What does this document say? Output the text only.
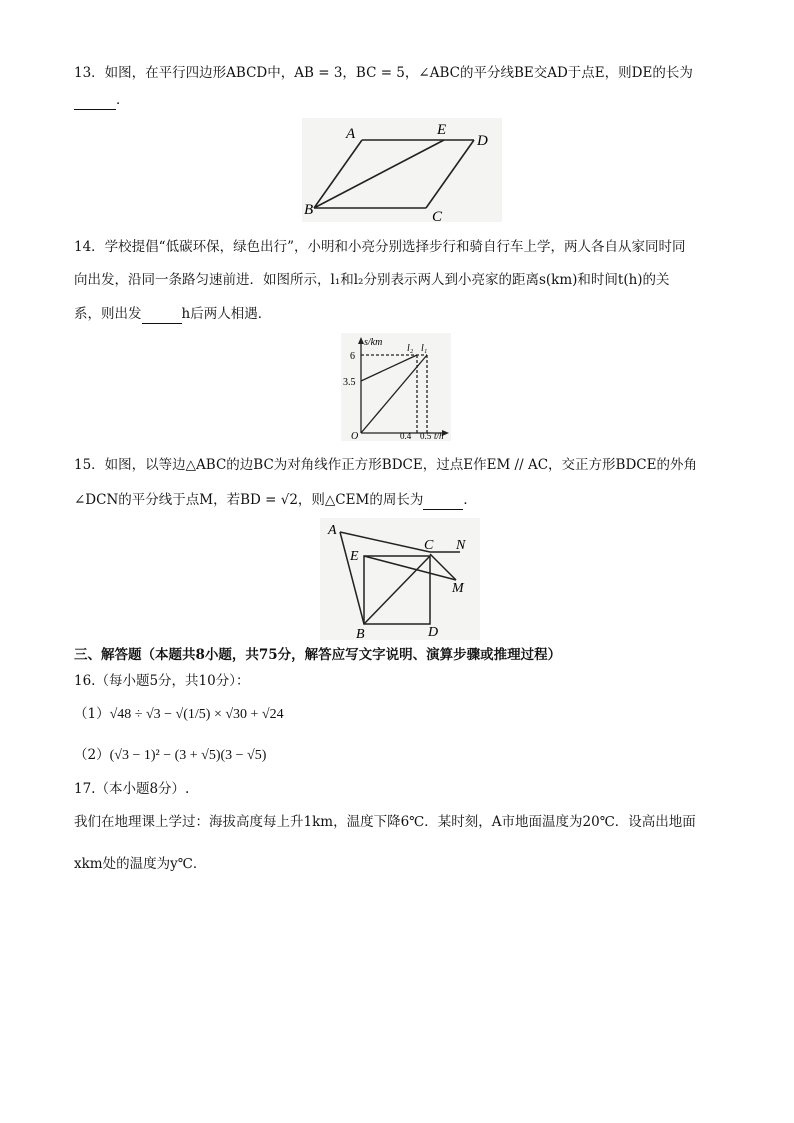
13．如图，在平行四边形ABCD中，AB = 3，BC = 5，∠ABC的平分线BE交AD于点E，则DE的长为
．
A	E
D
B	C
14．学校提倡“低碳环保，绿色出行”，小明和小亮分别选择步行和骑自行车上学，两人各自从家同时同
向出发，沿同一条路匀速前进．如图所示，l₁和l₂分别表示两人到小亮家的距离s(km)和时间t(h)的关
系，则出发	h后两人相遇．
s/km
6
3.5
O	0.4 0.5 t/h
l₂ l₁
15．如图，以等边△ABC的边BC为对角线作正方形BDCE，过点E作EM // AC，交正方形BDCE的外角
∠DCN的平分线于点M，若BD = √2，则△CEM的周长为	．
A
C N
E
M
B	D
三、解答题（本题共8小题，共75分，解答应写文字说明、演算步骤或推理过程）
16.（每小题5分，共10分）：
（1）√48 ÷ √3 − √(1/5) × √30 + √24
（2）(√3 − 1)² − (3 + √5)(3 − √5)
17.（本小题8分）.
我们在地理课上学过：海拔高度每上升1km，温度下降6℃．某时刻，A市地面温度为20℃．设高出地面
xkm处的温度为y℃．
